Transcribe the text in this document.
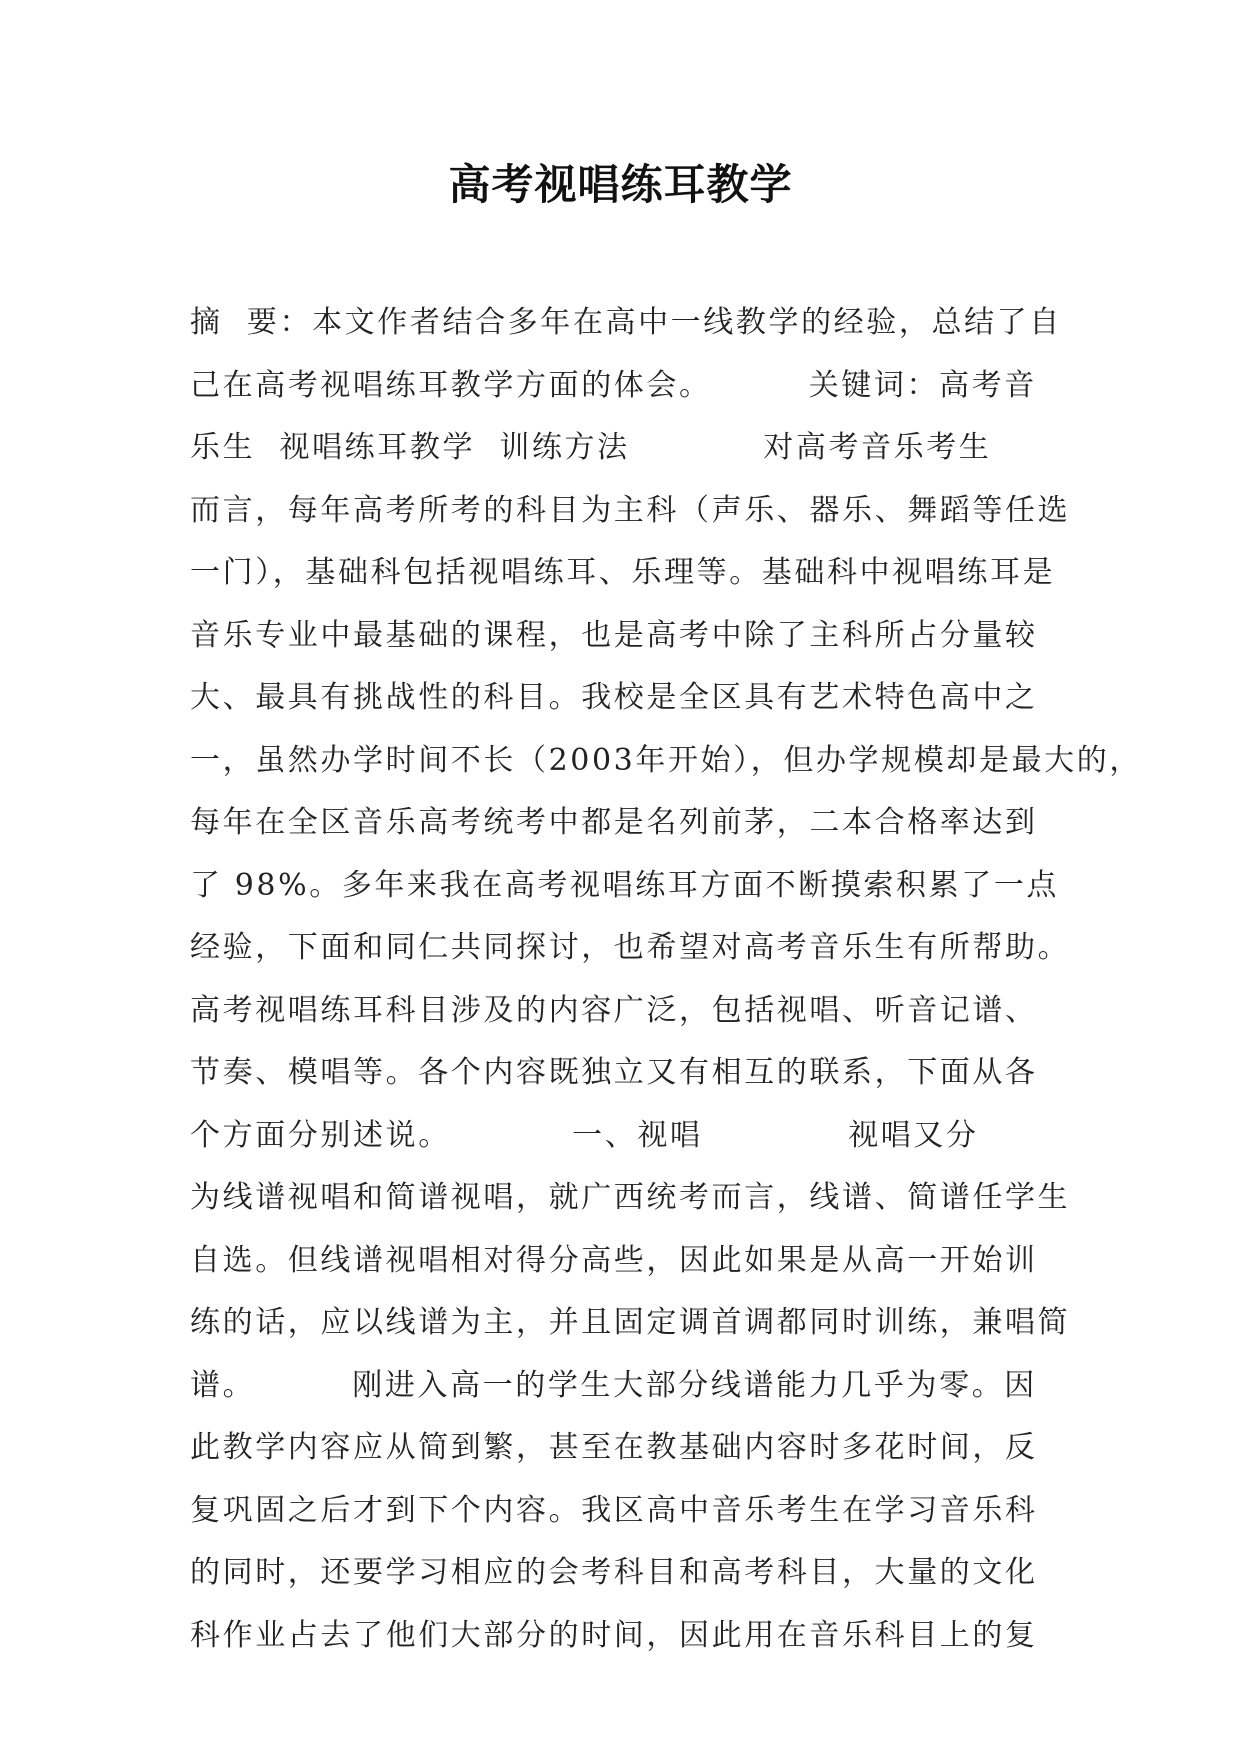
高考视唱练耳教学
摘  要：本文作者结合多年在高中一线教学的经验，总结了自
己在高考视唱练耳教学方面的体会。        关键词：高考音
乐生  视唱练耳教学  训练方法           对高考音乐考生
而言，每年高考所考的科目为主科（声乐、器乐、舞蹈等任选
一门），基础科包括视唱练耳、乐理等。基础科中视唱练耳是
音乐专业中最基础的课程，也是高考中除了主科所占分量较
大、最具有挑战性的科目。我校是全区具有艺术特色高中之
一，虽然办学时间不长（2003年开始），但办学规模却是最大的，
每年在全区音乐高考统考中都是名列前茅，二本合格率达到
了 98%。多年来我在高考视唱练耳方面不断摸索积累了一点
经验，下面和同仁共同探讨，也希望对高考音乐生有所帮助。
高考视唱练耳科目涉及的内容广泛，包括视唱、听音记谱、
节奏、模唱等。各个内容既独立又有相互的联系，下面从各
个方面分别述说。          一、视唱            视唱又分
为线谱视唱和简谱视唱，就广西统考而言，线谱、简谱任学生
自选。但线谱视唱相对得分高些，因此如果是从高一开始训
练的话，应以线谱为主，并且固定调首调都同时训练，兼唱简
谱。        刚进入高一的学生大部分线谱能力几乎为零。因
此教学内容应从简到繁，甚至在教基础内容时多花时间，反
复巩固之后才到下个内容。我区高中音乐考生在学习音乐科
的同时，还要学习相应的会考科目和高考科目，大量的文化
科作业占去了他们大部分的时间，因此用在音乐科目上的复
